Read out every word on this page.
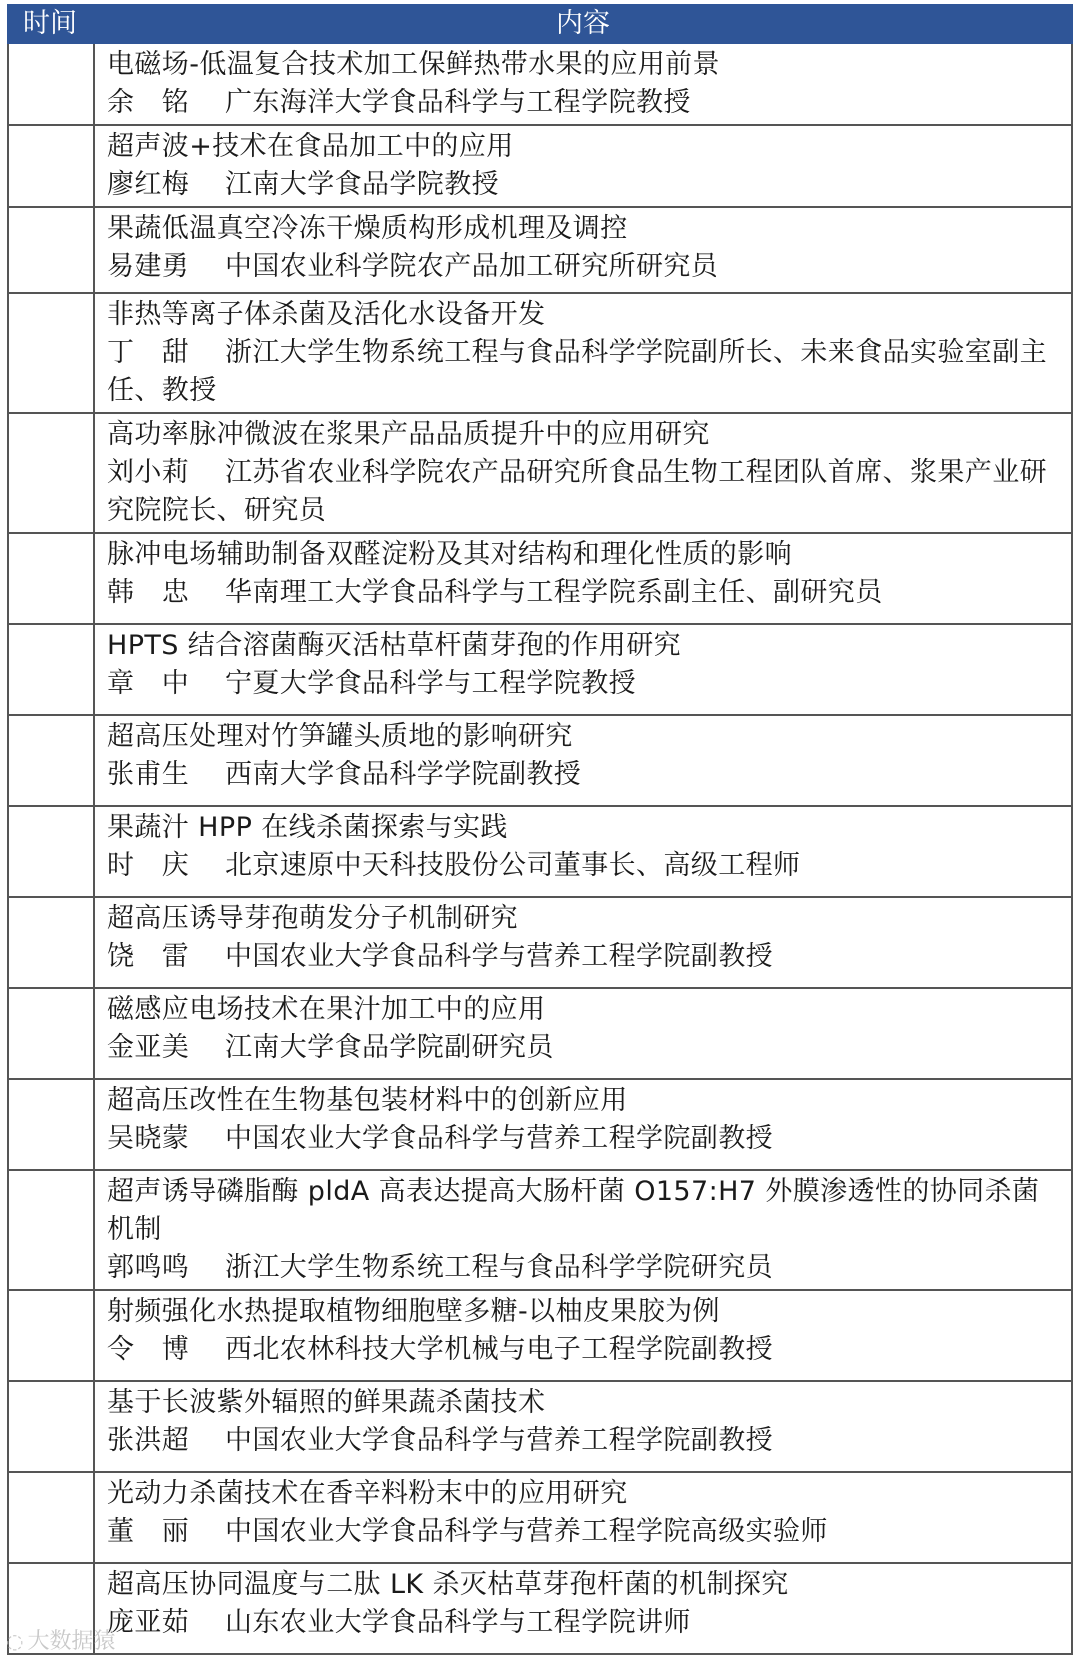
时间	内容

	电磁场-低温复合技术加工保鲜热带水果的应用前景
余　铭 广东海洋大学食品科学与工程学院教授

	超声波+技术在食品加工中的应用
廖红梅 江南大学食品学院教授

	果蔬低温真空冷冻干燥质构形成机理及调控
易建勇 中国农业科学院农产品加工研究所研究员

	非热等离子体杀菌及活化水设备开发
丁　甜 浙江大学生物系统工程与食品科学学院副所长、未来食品实验室副主任、教授

	高功率脉冲微波在浆果产品品质提升中的应用研究
刘小莉 江苏省农业科学院农产品研究所食品生物工程团队首席、浆果产业研究院院长、研究员

	脉冲电场辅助制备双醛淀粉及其对结构和理化性质的影响
韩　忠 华南理工大学食品科学与工程学院系副主任、副研究员

	HPTS 结合溶菌酶灭活枯草杆菌芽孢的作用研究
章　中 宁夏大学食品科学与工程学院教授

	超高压处理对竹笋罐头质地的影响研究
张甫生 西南大学食品科学学院副教授

	果蔬汁 HPP 在线杀菌探索与实践
时　庆 北京速原中天科技股份公司董事长、高级工程师

	超高压诱导芽孢萌发分子机制研究
饶　雷 中国农业大学食品科学与营养工程学院副教授

	磁感应电场技术在果汁加工中的应用
金亚美 江南大学食品学院副研究员

	超高压改性在生物基包装材料中的创新应用
吴晓蒙 中国农业大学食品科学与营养工程学院副教授

	超声诱导磷脂酶 pldA 高表达提高大肠杆菌 O157:H7 外膜渗透性的协同杀菌机制
郭鸣鸣 浙江大学生物系统工程与食品科学学院研究员

	射频强化水热提取植物细胞壁多糖-以柚皮果胶为例
令　博 西北农林科技大学机械与电子工程学院副教授

	基于长波紫外辐照的鲜果蔬杀菌技术
张洪超 中国农业大学食品科学与营养工程学院副教授

	光动力杀菌技术在香辛料粉末中的应用研究
董　丽 中国农业大学食品科学与营养工程学院高级实验师

	超高压协同温度与二肽 LK 杀灭枯草芽孢杆菌的机制探究
庞亚茹 山东农业大学食品科学与工程学院讲师
◌ 大数据猿
